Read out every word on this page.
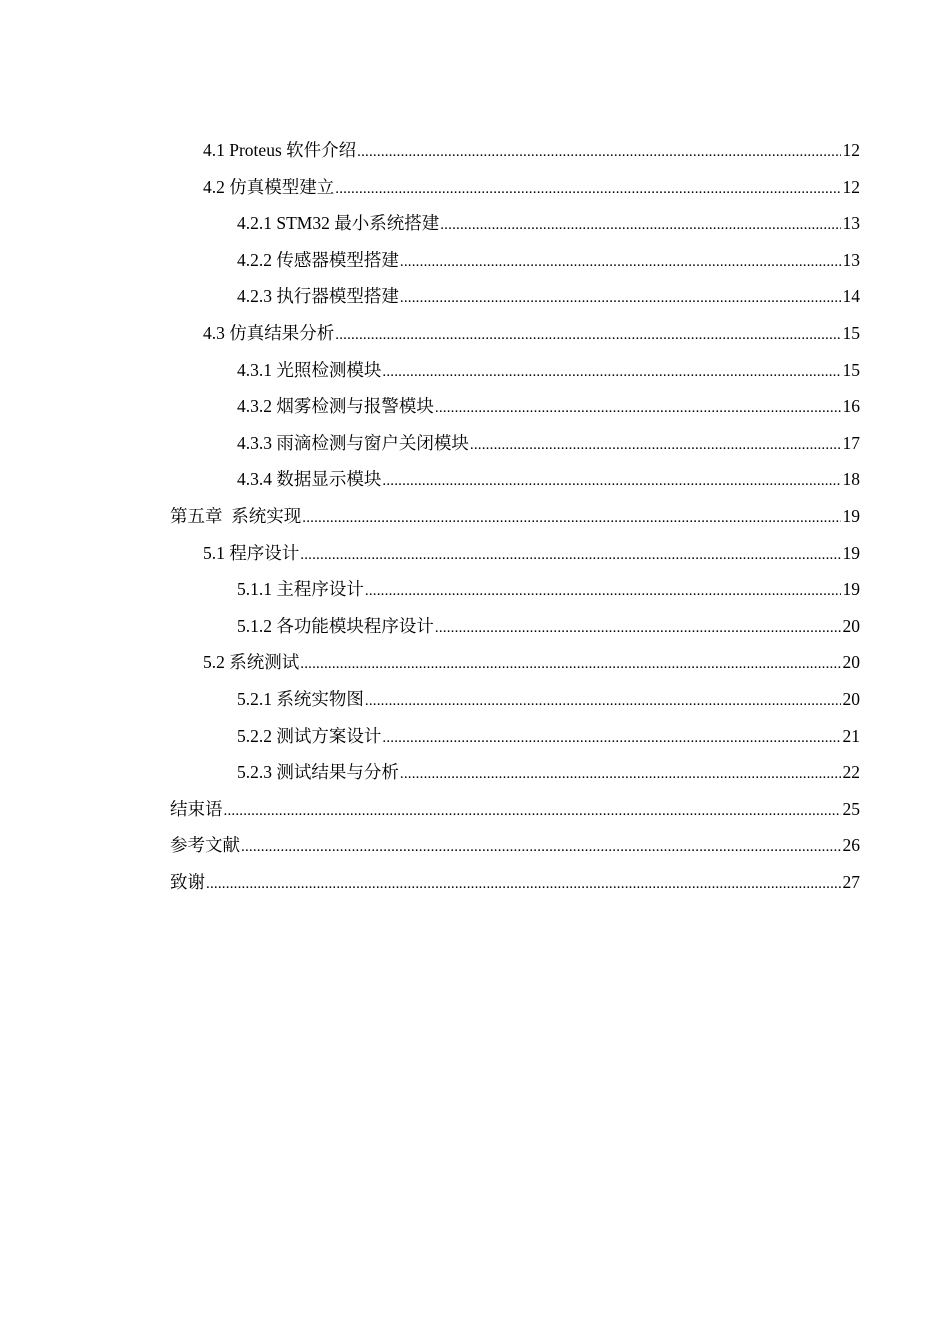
4.1 Proteus 软件介绍 .....	12
4.2 仿真模型建立 .....	12
4.2.1 STM32 最小系统搭建 .....	13
4.2.2 传感器模型搭建 .....	13
4.2.3 执行器模型搭建 .....	14
4.3 仿真结果分析 .....	15
4.3.1 光照检测模块 .....	15
4.3.2 烟雾检测与报警模块 .....	16
4.3.3 雨滴检测与窗户关闭模块 .....	17
4.3.4 数据显示模块 .....	18
第五章  系统实现 .....	19
5.1 程序设计 .....	19
5.1.1 主程序设计 .....	19
5.1.2 各功能模块程序设计 .....	20
5.2 系统测试 .....	20
5.2.1 系统实物图 .....	20
5.2.2 测试方案设计 .....	21
5.2.3 测试结果与分析 .....	22
结束语 .....	25
参考文献 .....	26
致谢 .....	27
